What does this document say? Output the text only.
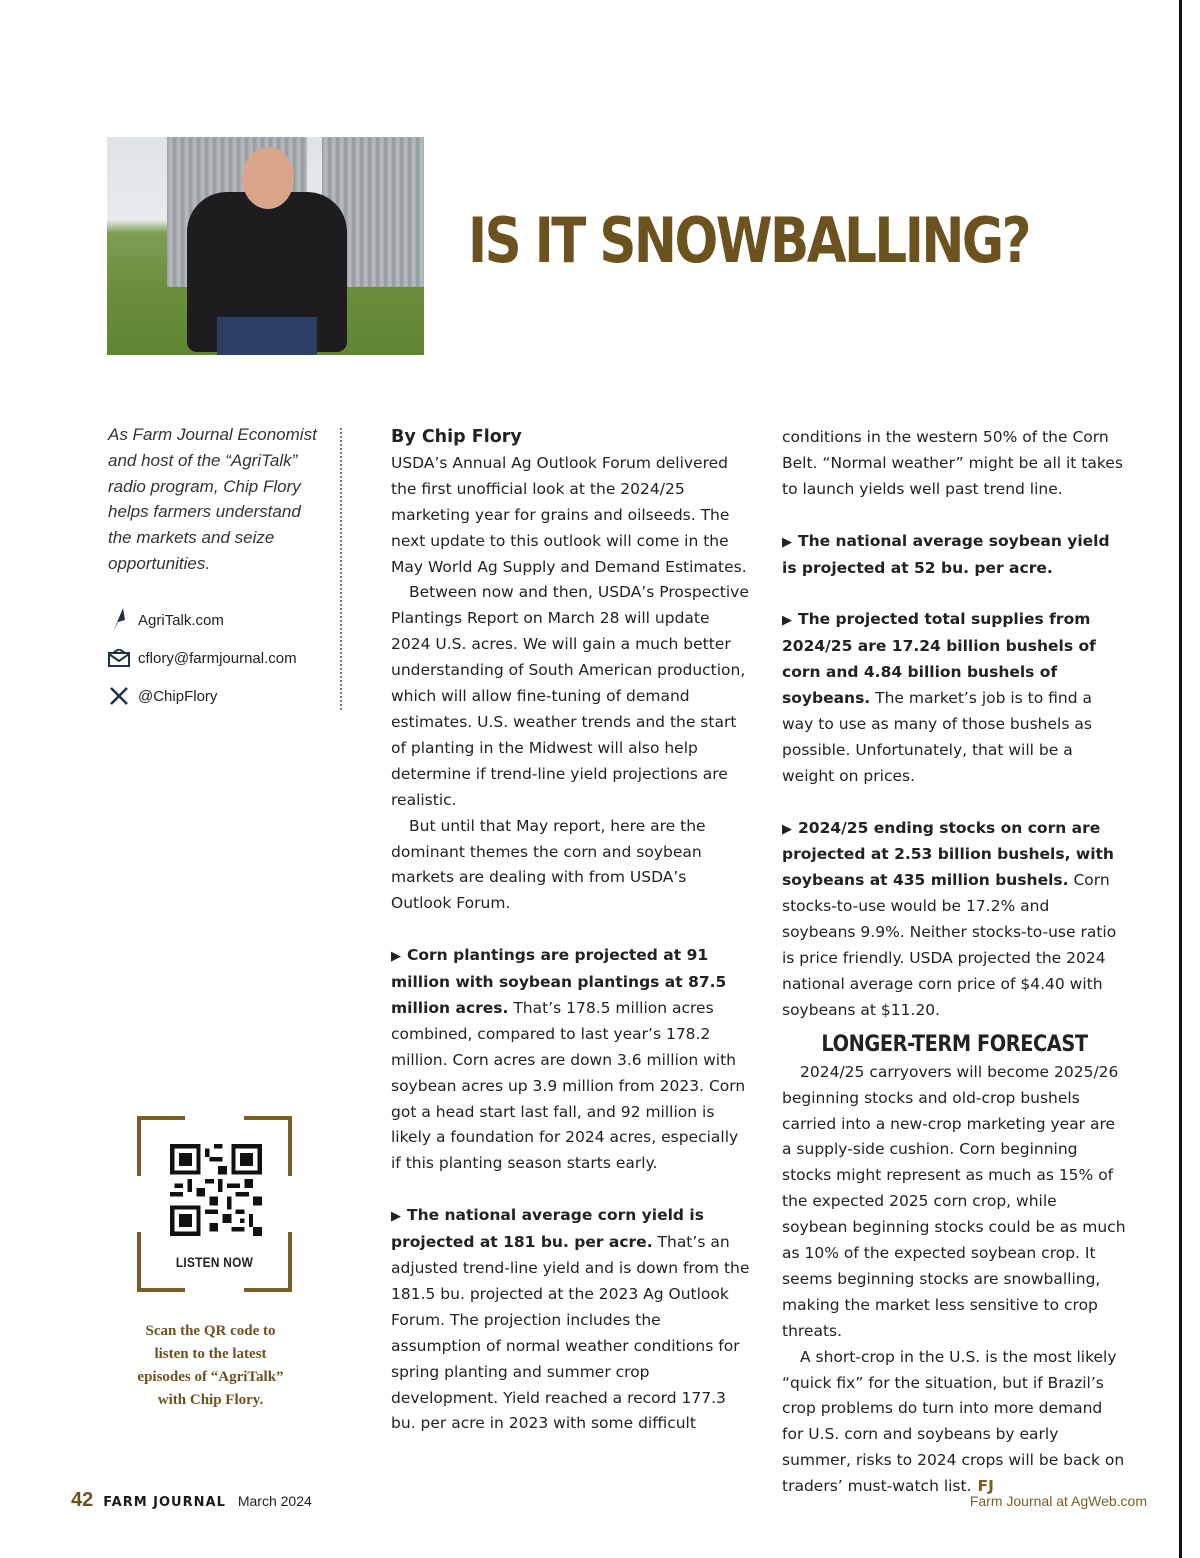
IS IT SNOWBALLING?

As Farm Journal Economist and host of the “AgriTalk” radio program, Chip Flory helps farmers understand the markets and seize opportunities.

AgriTalk.com
cflory@farmjournal.com
@ChipFlory
LISTEN NOW

Scan the QR code to listen to the latest episodes of “AgriTalk” with Chip Flory.

By Chip Flory

USDA’s Annual Ag Outlook Forum delivered the first unofficial look at the 2024/25 marketing year for grains and oilseeds. The next update to this outlook will come in the May World Ag Supply and Demand Estimates.

Between now and then, USDA’s Prospective Plantings Report on March 28 will update 2024 U.S. acres. We will gain a much better understanding of South American production, which will allow fine-tuning of demand estimates. U.S. weather trends and the start of planting in the Midwest will also help determine if trend-line yield projections are realistic.

But until that May report, here are the dominant themes the corn and soybean markets are dealing with from USDA’s Outlook Forum.

▶ Corn plantings are projected at 91 million with soybean plantings at 87.5 million acres. That’s 178.5 million acres combined, compared to last year’s 178.2 million. Corn acres are down 3.6 million with soybean acres up 3.9 million from 2023. Corn got a head start last fall, and 92 million is likely a foundation for 2024 acres, especially if this planting season starts early.

▶ The national average corn yield is projected at 181 bu. per acre. That’s an adjusted trend-line yield and is down from the 181.5 bu. projected at the 2023 Ag Outlook Forum. The projection includes the assumption of normal weather conditions for spring planting and summer crop development. Yield reached a record 177.3 bu. per acre in 2023 with some difficult

conditions in the western 50% of the Corn Belt. “Normal weather” might be all it takes to launch yields well past trend line.

▶ The national average soybean yield is projected at 52 bu. per acre.

▶ The projected total supplies from 2024/25 are 17.24 billion bushels of corn and 4.84 billion bushels of soybeans. The market’s job is to find a way to use as many of those bushels as possible. Unfortunately, that will be a weight on prices.

▶ 2024/25 ending stocks on corn are projected at 2.53 billion bushels, with soybeans at 435 million bushels. Corn stocks-to-use would be 17.2% and soybeans 9.9%. Neither stocks-to-use ratio is price friendly. USDA projected the 2024 national average corn price of $4.40 with soybeans at $11.20.

LONGER-TERM FORECAST

2024/25 carryovers will become 2025/26 beginning stocks and old-crop bushels carried into a new-crop marketing year are a supply-side cushion. Corn beginning stocks might represent as much as 15% of the expected 2025 corn crop, while soybean beginning stocks could be as much as 10% of the expected soybean crop. It seems beginning stocks are snowballing, making the market less sensitive to crop threats.

A short-crop in the U.S. is the most likely “quick fix” for the situation, but if Brazil’s crop problems do turn into more demand for U.S. corn and soybeans by early summer, risks to 2024 crops will be back on traders’ must-watch list. FJ

42 FARM JOURNAL March 2024	Farm Journal at AgWeb.com
